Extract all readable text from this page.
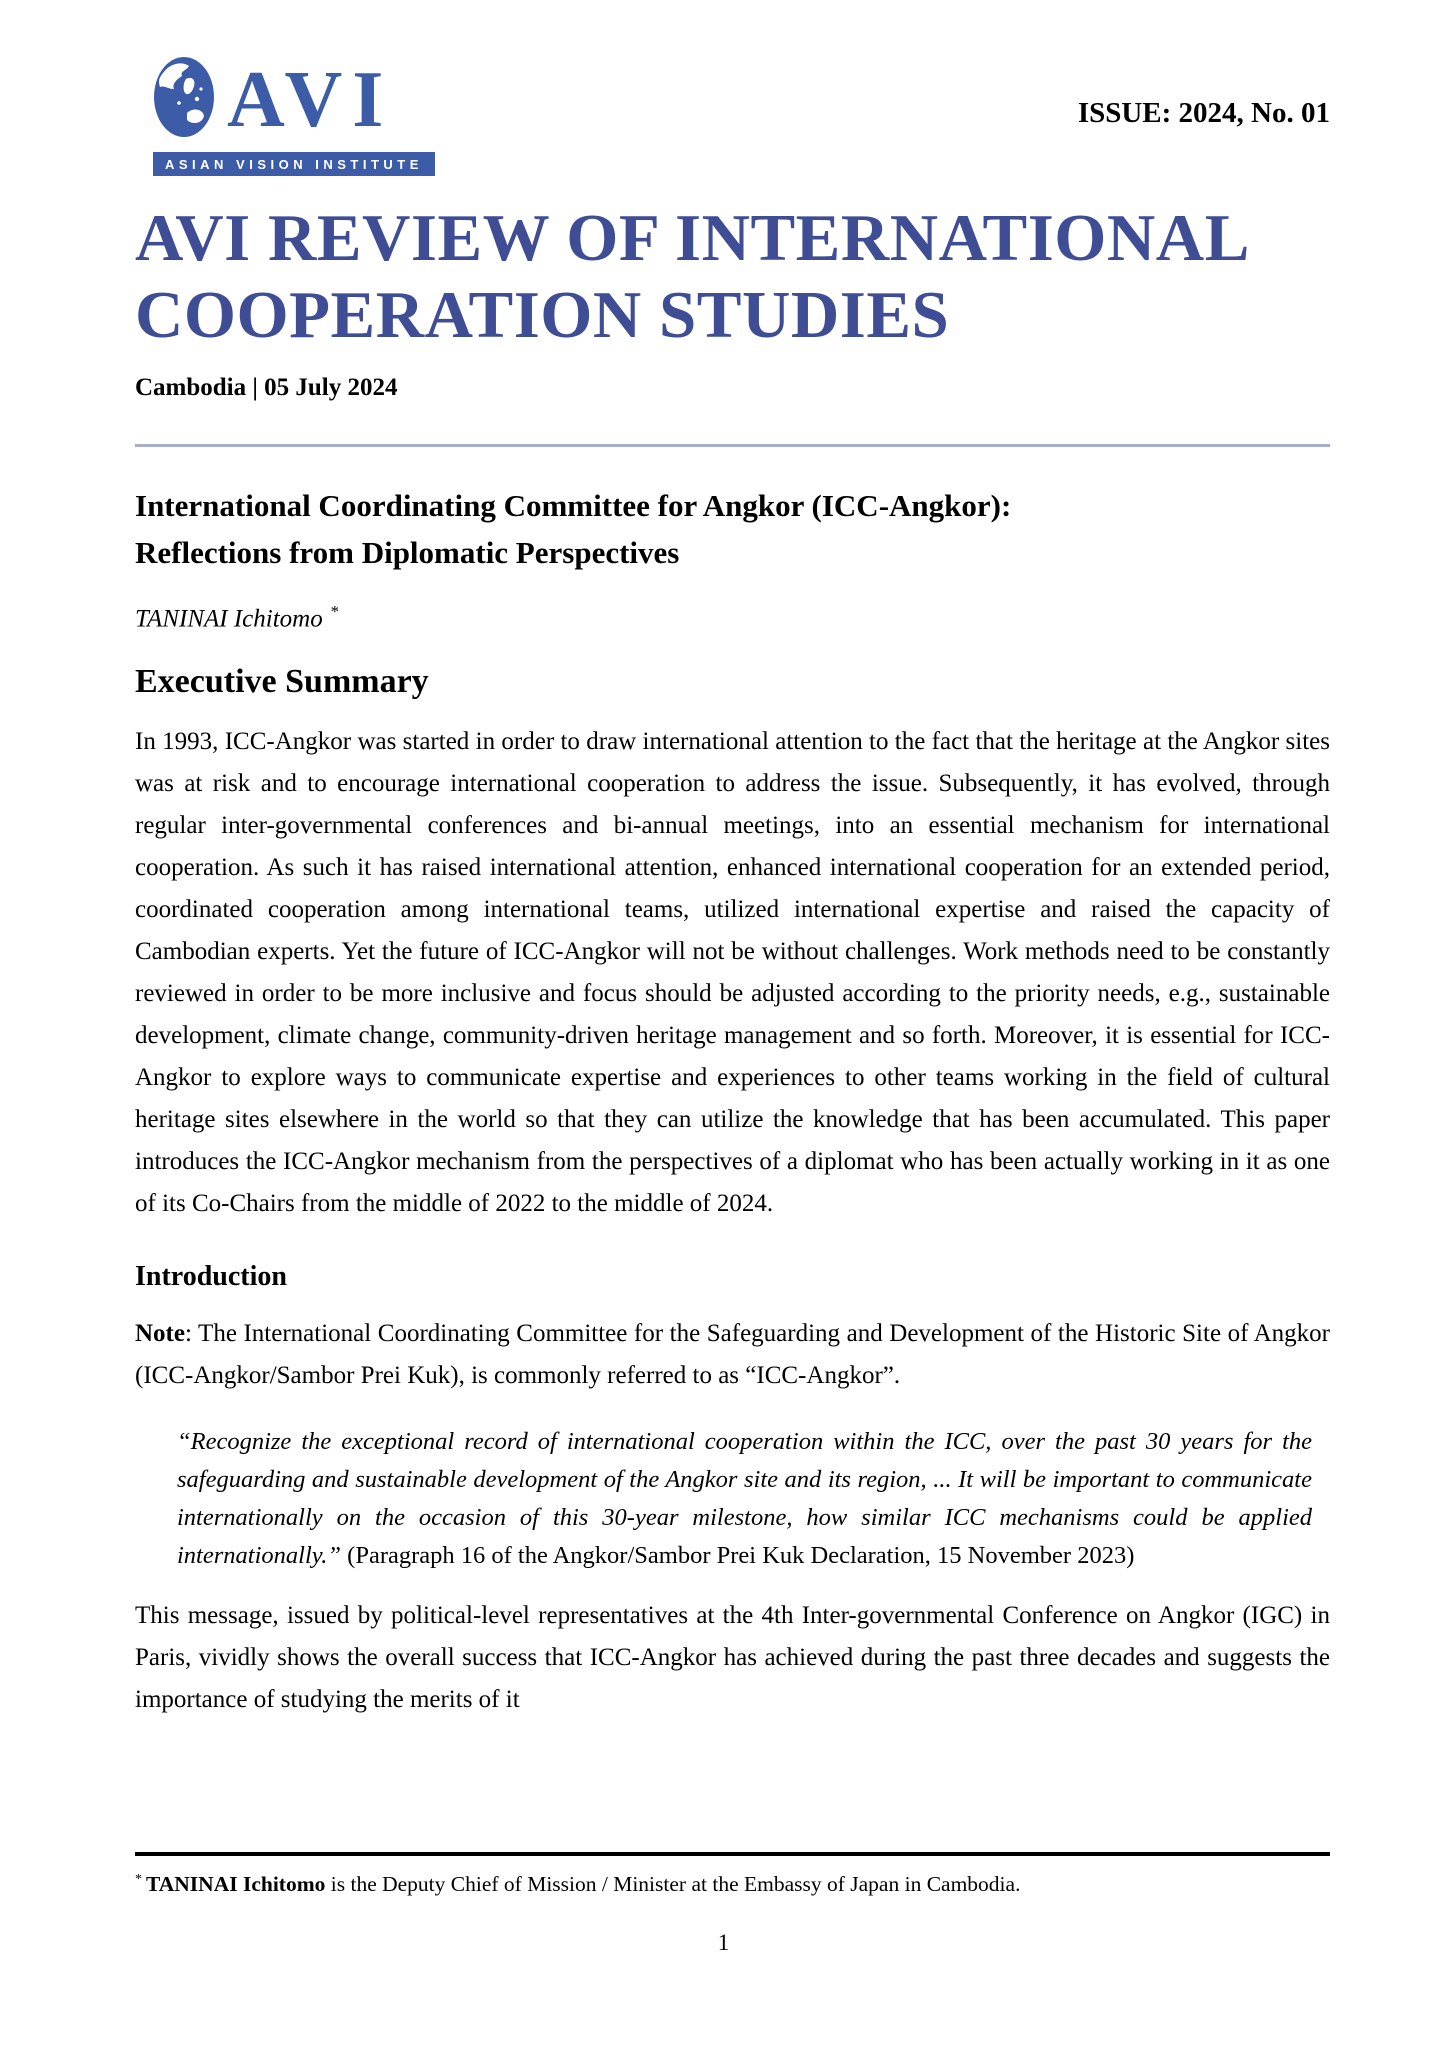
AVI
ASIAN VISION INSTITUTE
ISSUE: 2024, No. 01
AVI REVIEW OF INTERNATIONAL
COOPERATION STUDIES
Cambodia | 05 July 2024
International Coordinating Committee for Angkor (ICC-Angkor):
Reflections from Diplomatic Perspectives

TANINAI Ichitomo *

Executive Summary

In 1993, ICC-Angkor was started in order to draw international attention to the fact that the heritage at the Angkor sites was at risk and to encourage international cooperation to address the issue. Subsequently, it has evolved, through regular inter-governmental conferences and bi-annual meetings, into an essential mechanism for international cooperation. As such it has raised international attention, enhanced international cooperation for an extended period, coordinated cooperation among international teams, utilized international expertise and raised the capacity of Cambodian experts. Yet the future of ICC-Angkor will not be without challenges. Work methods need to be constantly reviewed in order to be more inclusive and focus should be adjusted according to the priority needs, e.g., sustainable development, climate change, community-driven heritage management and so forth. Moreover, it is essential for ICC-Angkor to explore ways to communicate expertise and experiences to other teams working in the field of cultural heritage sites elsewhere in the world so that they can utilize the knowledge that has been accumulated. This paper introduces the ICC-Angkor mechanism from the perspectives of a diplomat who has been actually working in it as one of its Co-Chairs from the middle of 2022 to the middle of 2024.

Introduction

Note: The International Coordinating Committee for the Safeguarding and Development of the Historic Site of Angkor (ICC-Angkor/Sambor Prei Kuk), is commonly referred to as “ICC-Angkor”.

“Recognize the exceptional record of international cooperation within the ICC, over the past 30 years for the safeguarding and sustainable development of the Angkor site and its region, ... It will be important to communicate internationally on the occasion of this 30-year milestone, how similar ICC mechanisms could be applied internationally.” (Paragraph 16 of the Angkor/Sambor Prei Kuk Declaration, 15 November 2023)

This message, issued by political-level representatives at the 4th Inter-governmental Conference on Angkor (IGC) in Paris, vividly shows the overall success that ICC-Angkor has achieved during the past three decades and suggests the importance of studying the merits of it

* TANINAI Ichitomo is the Deputy Chief of Mission / Minister at the Embassy of Japan in Cambodia.

1
